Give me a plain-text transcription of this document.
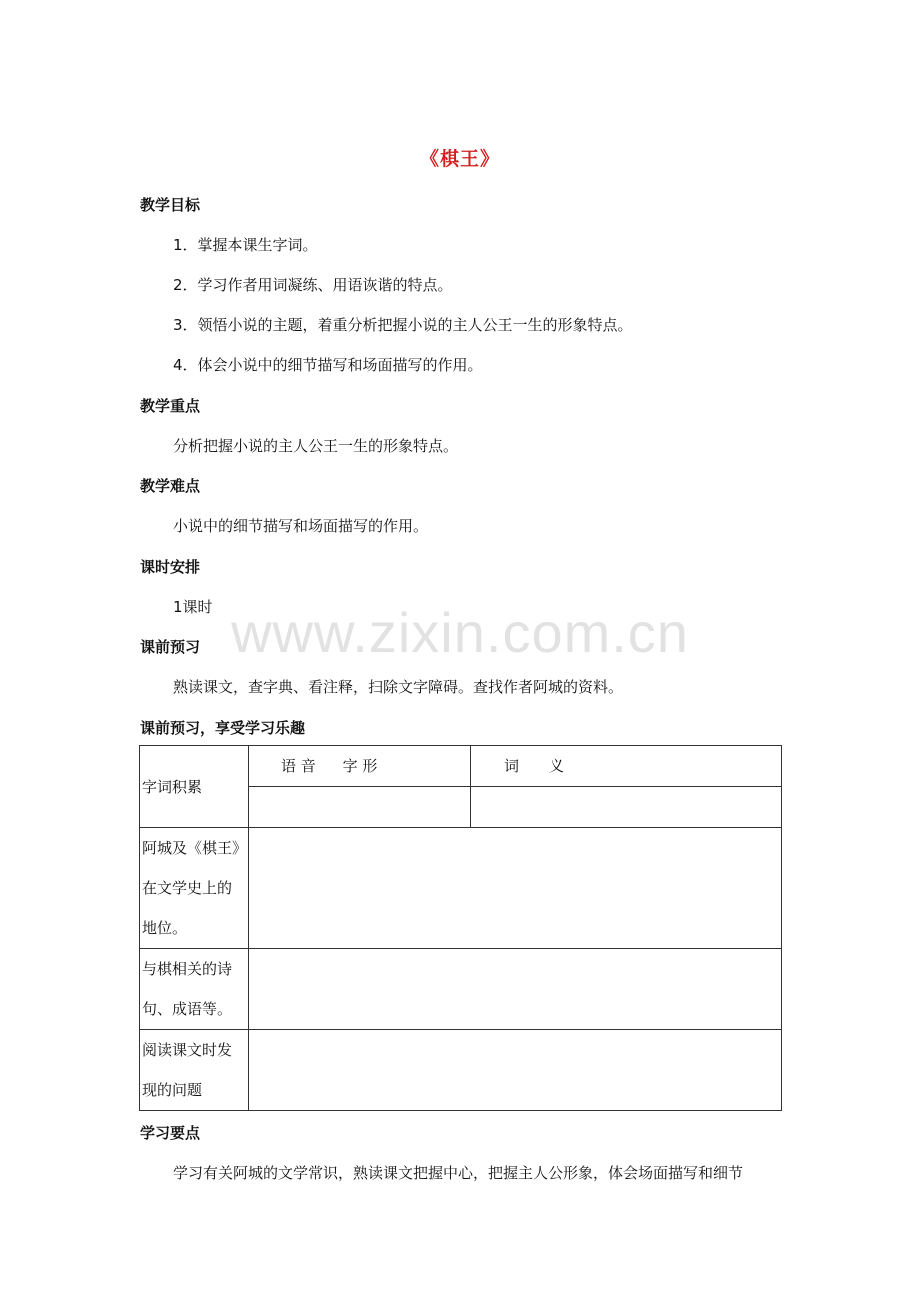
www.zixin.com.cn
《棋王》
教学目标
1．掌握本课生字词。
2．学习作者用词凝练、用语诙谐的特点。
3．领悟小说的主题，着重分析把握小说的主人公王一生的形象特点。
4．体会小说中的细节描写和场面描写的作用。
教学重点
分析把握小说的主人公王一生的形象特点。
教学难点
小说中的细节描写和场面描写的作用。
课时安排
1课时
课前预习
熟读课文，查字典、看注释，扫除文字障碍。查找作者阿城的资料。
课前预习，享受学习乐趣
字词积累	语 音 字 形	词　　义

阿城及《棋王》
在文学史上的
地位。		

与棋相关的诗
句、成语等。		

阅读课文时发
现的问题		

学习要点
学习有关阿城的文学常识，熟读课文把握中心，把握主人公形象，体会场面描写和细节
